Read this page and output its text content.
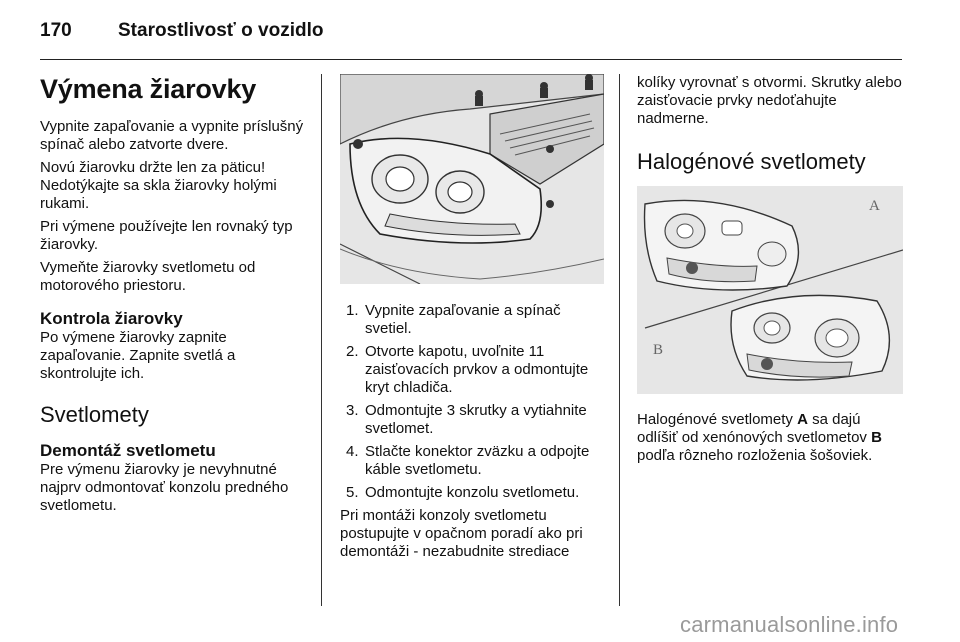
170 Starostlivosť o vozidlo
Výmena žiarovky

Vypnite zapaľovanie a vypnite príslušný spínač alebo zatvorte dvere.

Novú žiarovku držte len za päticu! Nedotýkajte sa skla žiarovky holými rukami.

Pri výmene používejte len rovnaký typ žiarovky.

Vymeňte žiarovky svetlometu od motorového priestoru.

Kontrola žiarovky

Po výmene žiarovky zapnite zapaľovanie. Zapnite svetlá a skontrolujte ich.

Svetlomety
Demontáž svetlometu

Pre výmenu žiarovky je nevyhnutné najprv odmontovať konzolu predného svetlometu.

1. Vypnite zapaľovanie a spínač svetiel.
2. Otvorte kapotu, uvoľnite 11 zaisťovacích prvkov a odmontujte kryt chladiča.
3. Odmontujte 3 skrutky a vytiahnite svetlomet.
4. Stlačte konektor zväzku a odpojte káble svetlometu.
5. Odmontujte konzolu svetlometu.

Pri montáži konzoly svetlometu postupujte v opačnom poradí ako pri demontáži - nezabudnite strediace

kolíky vyrovnať s otvormi. Skrutky alebo zaisťovacie prvky nedoťahujte nadmerne.

Halogénové svetlomety
A
B

Halogénové svetlomety A sa dajú odlíšiť od xenónových svetlometov B podľa rôzneho rozloženia šošoviek.

carmanualsonline.info
